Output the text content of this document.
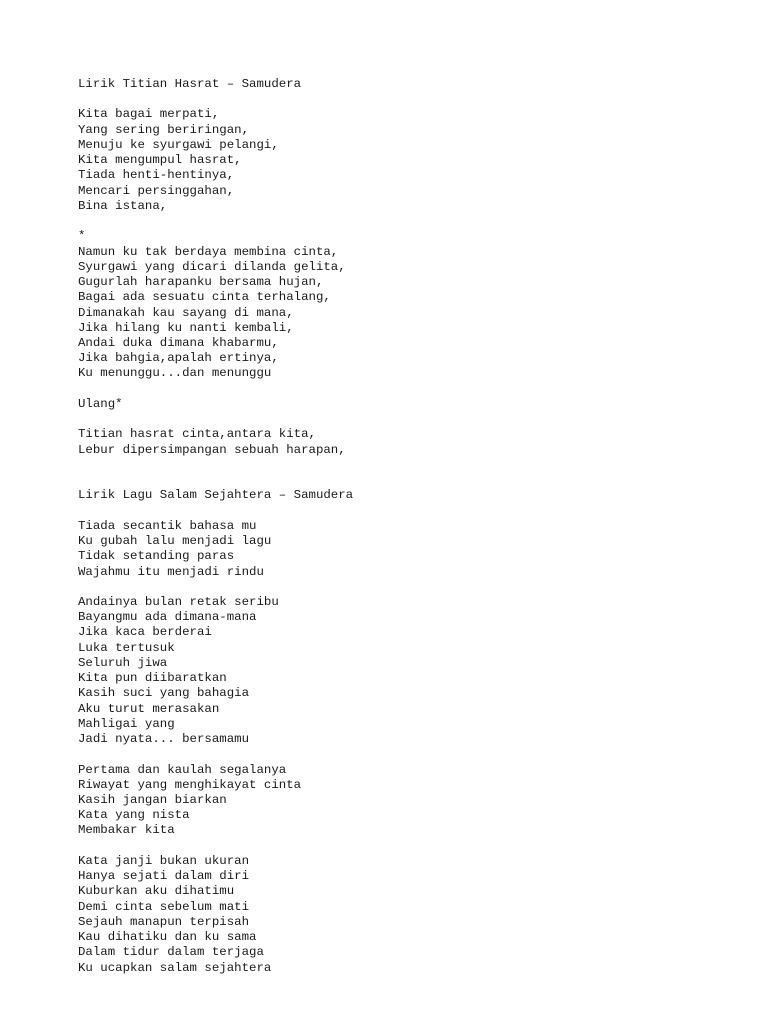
Lirik Titian Hasrat – Samudera
Kita bagai merpati,
Yang sering beriringan,
Menuju ke syurgawi pelangi,
Kita mengumpul hasrat,
Tiada henti-hentinya,
Mencari persinggahan,
Bina istana,
*
Namun ku tak berdaya membina cinta,
Syurgawi yang dicari dilanda gelita,
Gugurlah harapanku bersama hujan,
Bagai ada sesuatu cinta terhalang,
Dimanakah kau sayang di mana,
Jika hilang ku nanti kembali,
Andai duka dimana khabarmu,
Jika bahgia,apalah ertinya,
Ku menunggu...dan menunggu
Ulang*
Titian hasrat cinta,antara kita,
Lebur dipersimpangan sebuah harapan,
Lirik Lagu Salam Sejahtera – Samudera
Tiada secantik bahasa mu
Ku gubah lalu menjadi lagu
Tidak setanding paras
Wajahmu itu menjadi rindu
Andainya bulan retak seribu
Bayangmu ada dimana-mana
Jika kaca berderai
Luka tertusuk
Seluruh jiwa
Kita pun diibaratkan
Kasih suci yang bahagia
Aku turut merasakan
Mahligai yang
Jadi nyata... bersamamu
Pertama dan kaulah segalanya
Riwayat yang menghikayat cinta
Kasih jangan biarkan
Kata yang nista
Membakar kita
Kata janji bukan ukuran
Hanya sejati dalam diri
Kuburkan aku dihatimu
Demi cinta sebelum mati
Sejauh manapun terpisah
Kau dihatiku dan ku sama
Dalam tidur dalam terjaga
Ku ucapkan salam sejahtera
